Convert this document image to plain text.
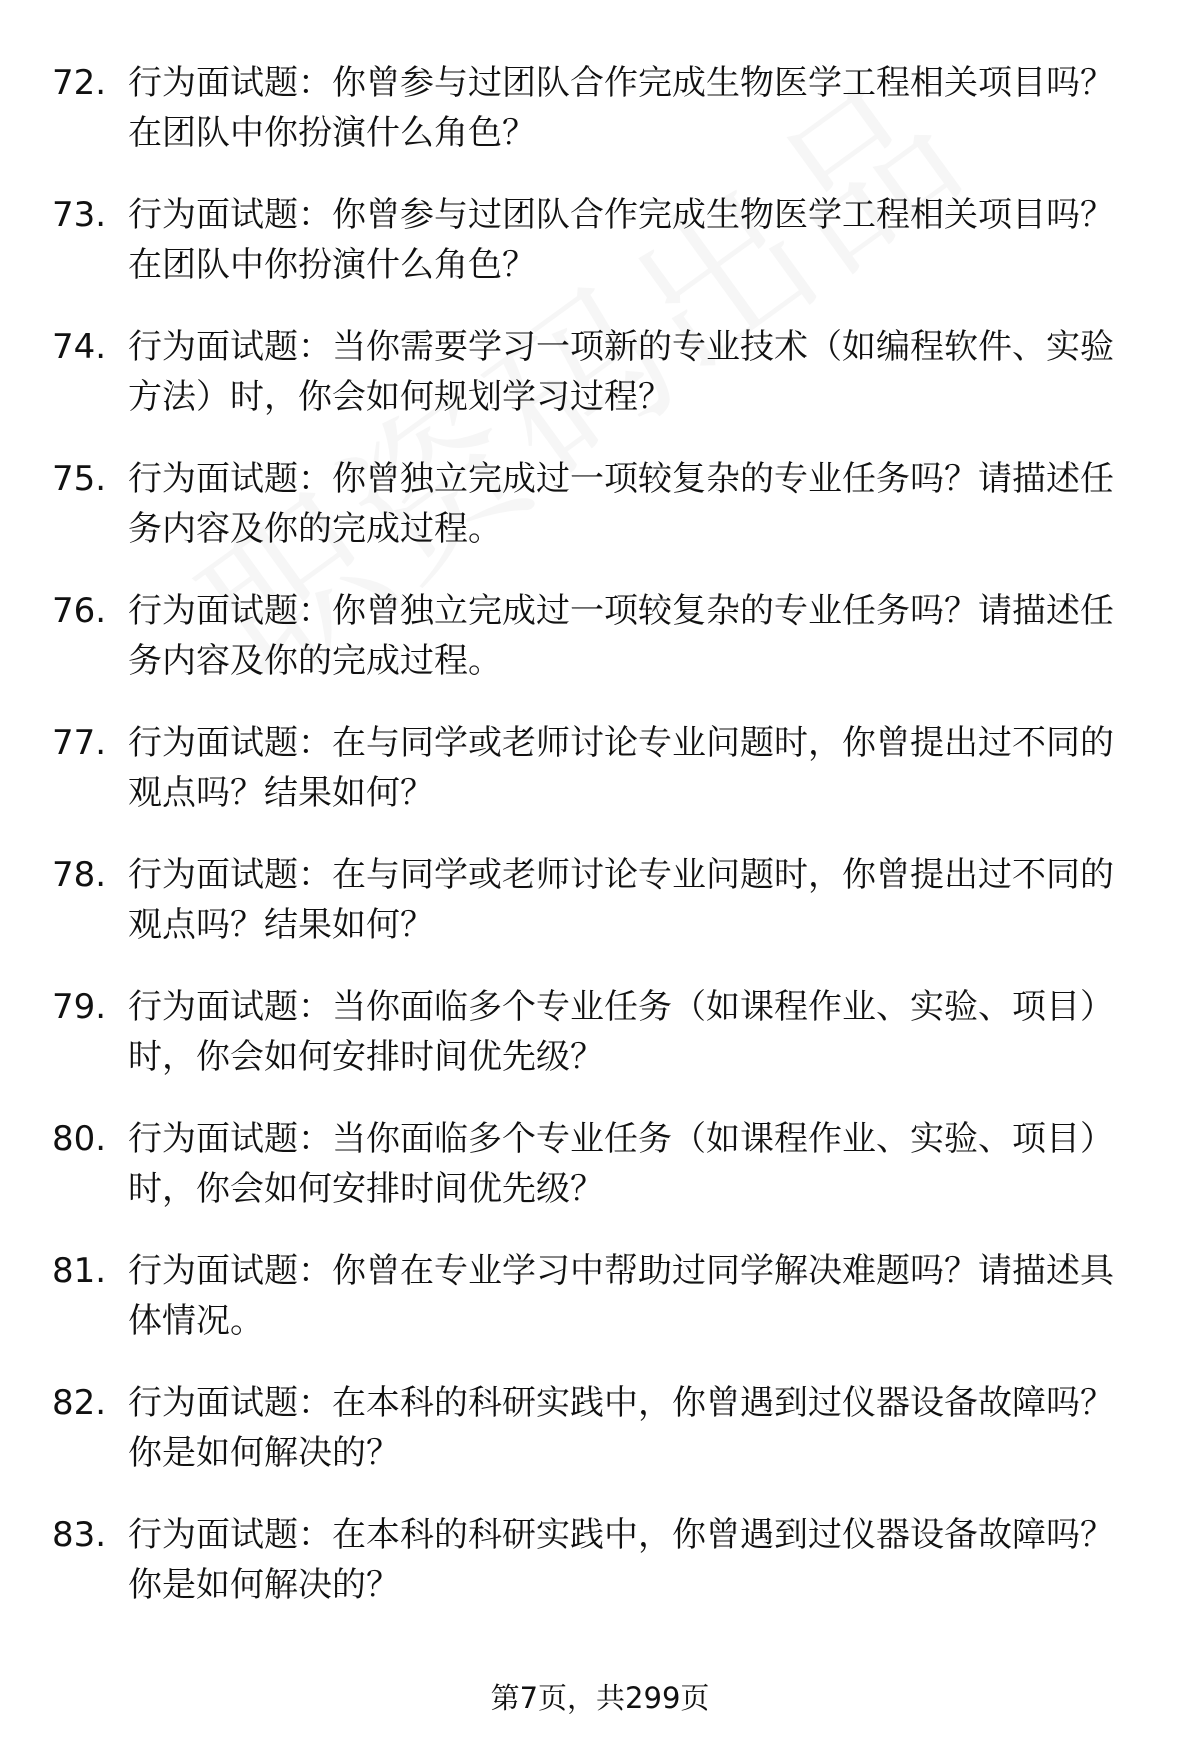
72. 行为面试题：你曾参与过团队合作完成生物医学工程相关项目吗？在团队中你扮演什么角色？
73. 行为面试题：你曾参与过团队合作完成生物医学工程相关项目吗？在团队中你扮演什么角色？
74. 行为面试题：当你需要学习一项新的专业技术（如编程软件、实验方法）时，你会如何规划学习过程？
75. 行为面试题：你曾独立完成过一项较复杂的专业任务吗？请描述任务内容及你的完成过程。
76. 行为面试题：你曾独立完成过一项较复杂的专业任务吗？请描述任务内容及你的完成过程。
77. 行为面试题：在与同学或老师讨论专业问题时，你曾提出过不同的观点吗？结果如何？
78. 行为面试题：在与同学或老师讨论专业问题时，你曾提出过不同的观点吗？结果如何？
79. 行为面试题：当你面临多个专业任务（如课程作业、实验、项目）时，你会如何安排时间优先级？
80. 行为面试题：当你面临多个专业任务（如课程作业、实验、项目）时，你会如何安排时间优先级？
81. 行为面试题：你曾在专业学习中帮助过同学解决难题吗？请描述具体情况。
82. 行为面试题：在本科的科研实践中，你曾遇到过仪器设备故障吗？你是如何解决的？
83. 行为面试题：在本科的科研实践中，你曾遇到过仪器设备故障吗？你是如何解决的？
第7页，共299页
